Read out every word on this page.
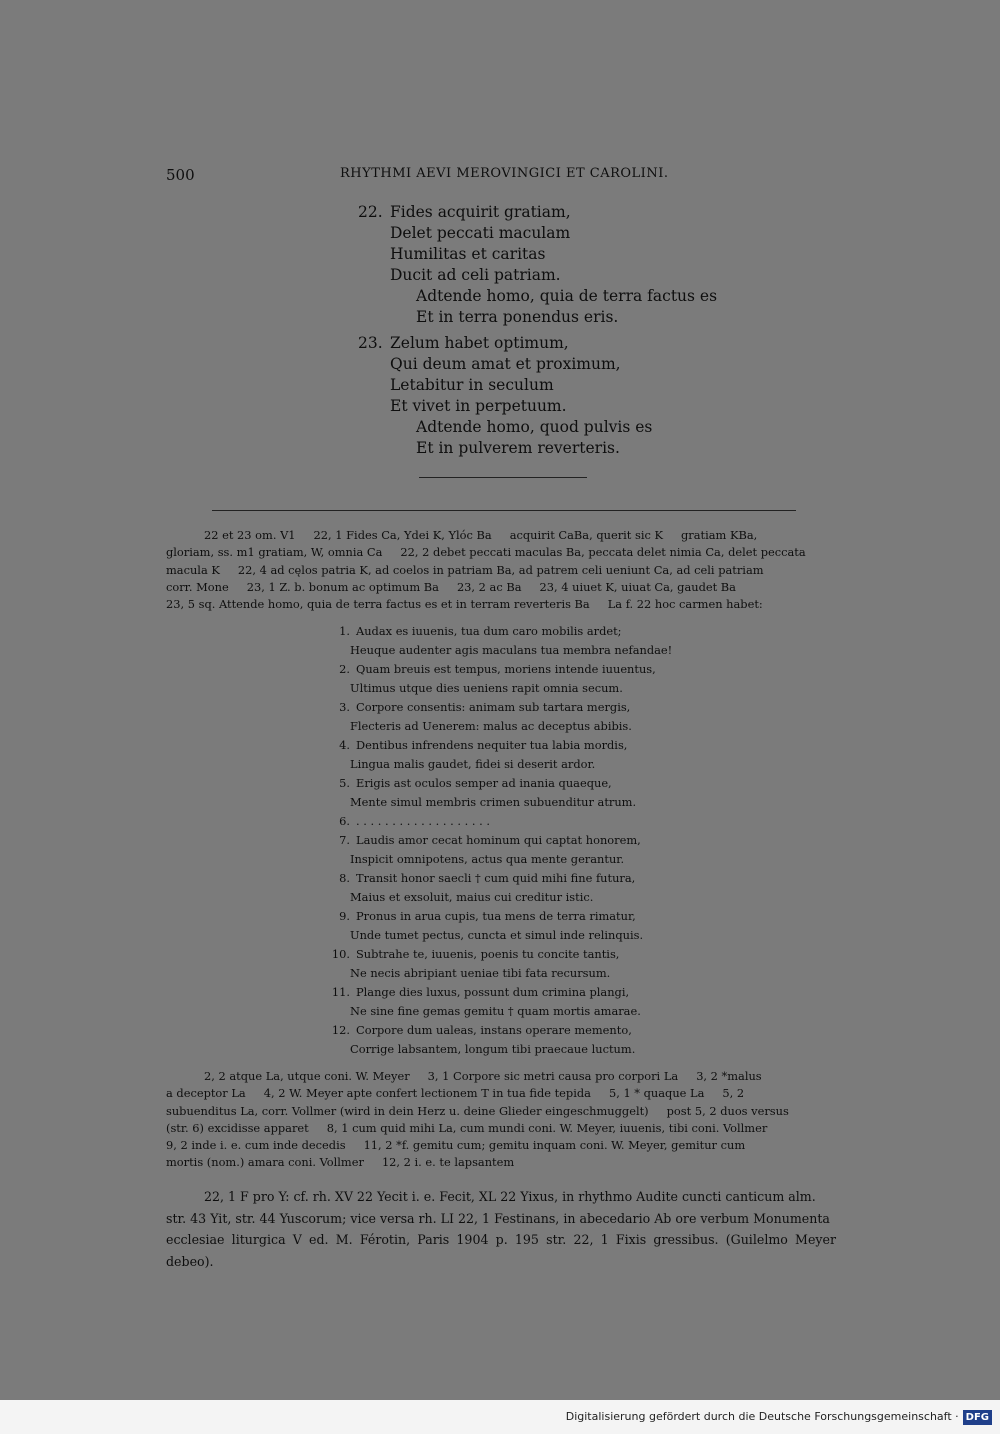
500	RHYTHMI AEVI MEROVINGICI ET CAROLINI.
22. Fides acquirit gratiam,
Delet peccati maculam
Humilitas et caritas
Ducit ad celi patriam.
Adtende homo, quia de terra factus es
Et in terra ponendus eris.
23. Zelum habet optimum,
Qui deum amat et proximum,
Letabitur in seculum
Et vivet in perpetuum.
Adtende homo, quod pulvis es
Et in pulverem reverteris.

22 et 23 om. V1 22, 1 Fides Ca, Ydei K, Ylóc Ba acquirit CaBa, querit sic K gratiam KBa,

gloriam, ss. m1 gratiam, W, omnia Ca 22, 2 debet peccati maculas Ba, peccata delet nimia Ca, delet peccata

macula K 22, 4 ad cęlos patria K, ad coelos in patriam Ba, ad patrem celi ueniunt Ca, ad celi patriam

corr. Mone 23, 1 Z. b. bonum ac optimum Ba 23, 2 ac Ba 23, 4 uiuet K, uiuat Ca, gaudet Ba

23, 5 sq. Attende homo, quia de terra factus es et in terram reverteris Ba La f. 22 hoc carmen habet:

1. Audax es iuuenis, tua dum caro mobilis ardet;
Heuque audenter agis maculans tua membra nefandae!
2. Quam breuis est tempus, moriens intende iuuentus,
Ultimus utque dies ueniens rapit omnia secum.
3. Corpore consentis: animam sub tartara mergis,
Flecteris ad Uenerem: malus ac deceptus abibis.
4. Dentibus infrendens nequiter tua labia mordis,
Lingua malis gaudet, fidei si deserit ardor.
5. Erigis ast oculos semper ad inania quaeque,
Mente simul membris crimen subuenditur atrum.
6. . . . . . . . . . . . . . . . . . . .
7. Laudis amor cecat hominum qui captat honorem,
Inspicit omnipotens, actus qua mente gerantur.
8. Transit honor saecli † cum quid mihi fine futura,
Maius et exsoluit, maius cui creditur istic.
9. Pronus in arua cupis, tua mens de terra rimatur,
Unde tumet pectus, cuncta et simul inde relinquis.
10. Subtrahe te, iuuenis, poenis tu concite tantis,
Ne necis abripiant ueniae tibi fata recursum.
11. Plange dies luxus, possunt dum crimina plangi,
Ne sine fine gemas gemitu † quam mortis amarae.
12. Corpore dum ualeas, instans operare memento,
Corrige labsantem, longum tibi praecaue luctum.

2, 2 atque La, utque coni. W. Meyer 3, 1 Corpore sic metri causa pro corpori La 3, 2 *malus

a deceptor La 4, 2 W. Meyer apte confert lectionem T in tua fide tepida 5, 1 * quaque La 5, 2

subuenditus La, corr. Vollmer (wird in dein Herz u. deine Glieder eingeschmuggelt) post 5, 2 duos versus

(str. 6) excidisse apparet 8, 1 cum quid mihi La, cum mundi coni. W. Meyer, iuuenis, tibi coni. Vollmer

9, 2 inde i. e. cum inde decedis 11, 2 *f. gemitu cum; gemitu inquam coni. W. Meyer, gemitur cum

mortis (nom.) amara coni. Vollmer 12, 2 i. e. te lapsantem

22, 1 F pro Y: cf. rh. XV 22 Yecit i. e. Fecit, XL 22 Yixus, in rhythmo Audite cuncti canticum alm.

str. 43 Yit, str. 44 Yuscorum; vice versa rh. LI 22, 1 Festinans, in abecedario Ab ore verbum Monumenta

ecclesiae liturgica V ed. M. Férotin, Paris 1904 p. 195 str. 22, 1 Fixis gressibus. (Guilelmo Meyer debeo).

Digitalisierung gefördert durch die Deutsche Forschungsgemeinschaft · DFG
